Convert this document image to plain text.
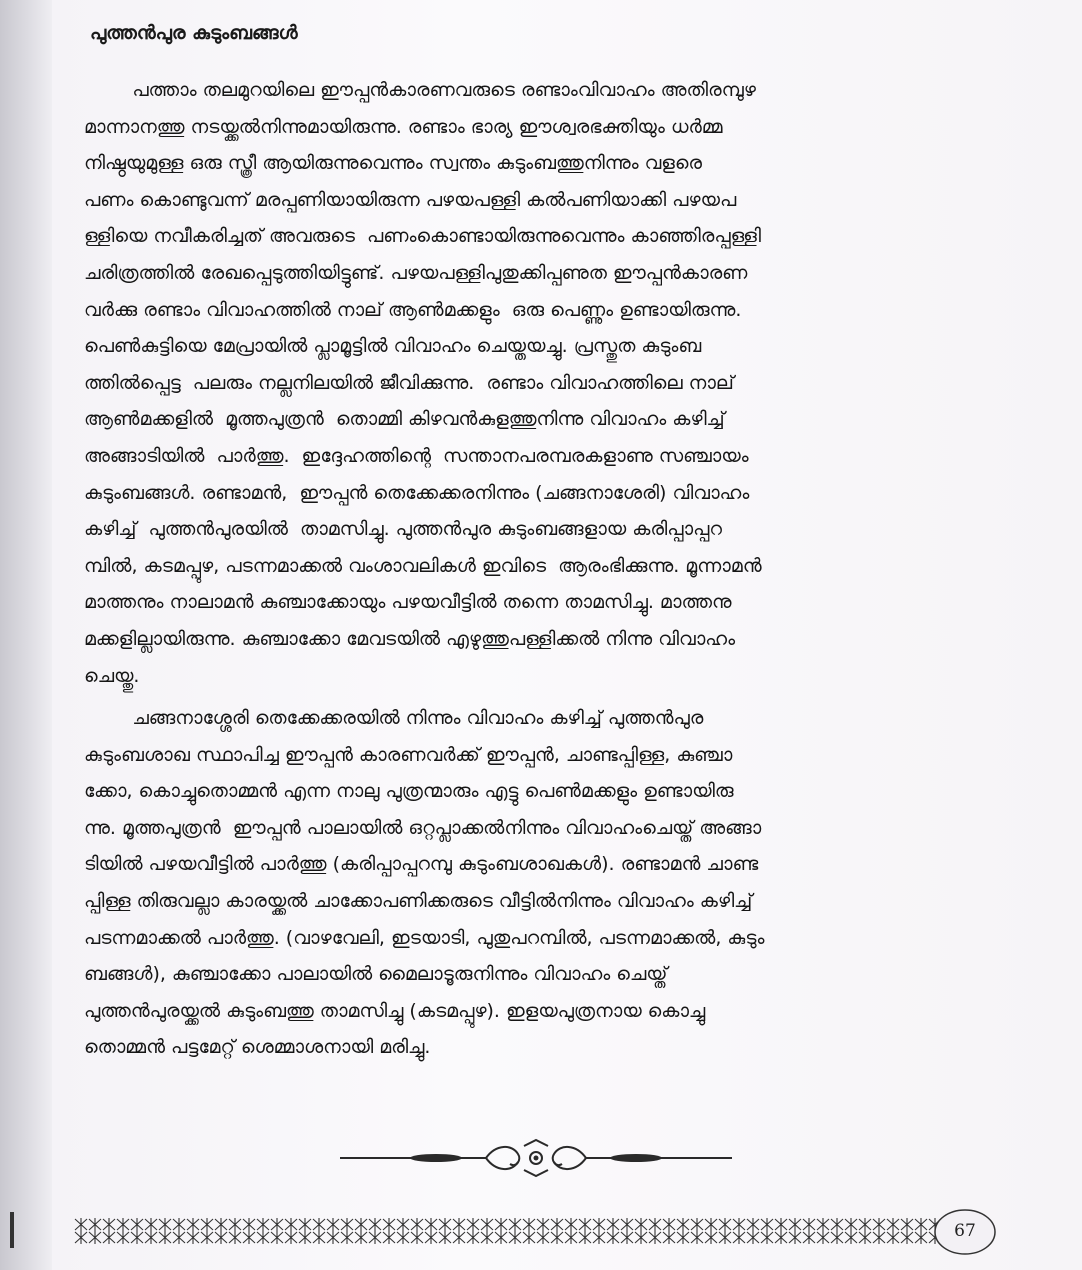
പുത്തൻപുര കുടുംബങ്ങൾ
പത്താം തലമുറയിലെ ഈപ്പൻകാരണവരുടെ രണ്ടാംവിവാഹം അതിരമ്പുഴ
മാന്നാനത്തു നടയ്ക്കൽനിന്നുമായിരുന്നു. രണ്ടാം ഭാര്യ ഈശ്വരഭക്തിയും ധർമ്മ
നിഷ്ഠയുമുള്ള ഒരു സ്ത്രീ ആയിരുന്നുവെന്നും സ്വന്തം കുടുംബത്തുനിന്നും വളരെ
പണം കൊണ്ടുവന്ന് മരപ്പണിയായിരുന്ന പഴയപള്ളി കൽപണിയാക്കി പഴയപ
ള്ളിയെ നവീകരിച്ചത് അവരുടെ  പണംകൊണ്ടായിരുന്നുവെന്നും കാഞ്ഞിരപ്പള്ളി
ചരിത്രത്തിൽ രേഖപ്പെടുത്തിയിട്ടുണ്ട്. പഴയപള്ളിപുതുക്കിപ്പണുത ഈപ്പൻകാരണ
വർക്കു രണ്ടാം വിവാഹത്തിൽ നാല് ആൺമക്കളും  ഒരു പെണ്ണും ഉണ്ടായിരുന്നു.
പെൺകുട്ടിയെ മേപ്രായിൽ പ്ലാമൂട്ടിൽ വിവാഹം ചെയ്തയച്ചു. പ്രസ്തുത കുടുംബ
ത്തിൽപ്പെട്ട  പലരും നല്ലനിലയിൽ ജീവിക്കുന്നു.  രണ്ടാം വിവാഹത്തിലെ നാല്
ആൺമക്കളിൽ  മൂത്തപുത്രൻ  തൊമ്മി കിഴവൻകുളത്തുനിന്നു വിവാഹം കഴിച്ച്
അങ്ങാടിയിൽ  പാർത്തു.  ഇദ്ദേഹത്തിന്റെ  സന്താനപരമ്പരകളാണു സഞ്ചായം
കുടുംബങ്ങൾ. രണ്ടാമൻ,  ഈപ്പൻ തെക്കേക്കരനിന്നും (ചങ്ങനാശേരി) വിവാഹം
കഴിച്ച്  പുത്തൻപുരയിൽ  താമസിച്ചു. പുത്തൻപുര കുടുംബങ്ങളായ കരിപ്പാപ്പറ
മ്പിൽ, കടമപ്പുഴ, പടന്നമാക്കൽ വംശാവലികൾ ഇവിടെ  ആരംഭിക്കുന്നു. മൂന്നാമൻ
മാത്തനും നാലാമൻ കുഞ്ചാക്കോയും പഴയവീട്ടിൽ തന്നെ താമസിച്ചു. മാത്തനു
മക്കളില്ലായിരുന്നു. കുഞ്ചാക്കോ മേവടയിൽ എഴുത്തുപള്ളിക്കൽ നിന്നു വിവാഹം
ചെയ്തു.
ചങ്ങനാശ്ശേരി തെക്കേക്കരയിൽ നിന്നും വിവാഹം കഴിച്ച് പുത്തൻപുര
കുടുംബശാഖ സ്ഥാപിച്ച ഈപ്പൻ കാരണവർക്ക് ഈപ്പൻ, ചാണ്ടപ്പിള്ള, കുഞ്ചാ
ക്കോ, കൊച്ചുതൊമ്മൻ എന്ന നാലു പുത്രന്മാരും എട്ടു പെൺമക്കളും ഉണ്ടായിരു
ന്നു. മൂത്തപുത്രൻ  ഈപ്പൻ പാലായിൽ ഒറ്റപ്ലാക്കൽനിന്നും വിവാഹംചെയ്ത് അങ്ങാ
ടിയിൽ പഴയവീട്ടിൽ പാർത്തു (കരിപ്പാപ്പറമ്പു കുടുംബശാഖകൾ). രണ്ടാമൻ ചാണ്ട
പ്പിള്ള തിരുവല്ലാ കാരയ്ക്കൽ ചാക്കോപണിക്കരുടെ വീട്ടിൽനിന്നും വിവാഹം കഴിച്ച്
പടന്നമാക്കൽ പാർത്തു. (വാഴവേലി, ഇടയാടി, പുതുപറമ്പിൽ, പടന്നമാക്കൽ, കുടും
ബങ്ങൾ), കുഞ്ചാക്കോ പാലായിൽ മൈലാടൂരുനിന്നും വിവാഹം ചെയ്ത്
പുത്തൻപുരയ്ക്കൽ കുടുംബത്തു താമസിച്ചു (കടമപ്പുഴ). ഇളയപുത്രനായ കൊച്ചു
തൊമ്മൻ പട്ടമേറ്റ് ശെമ്മാശനായി മരിച്ചു.
67
